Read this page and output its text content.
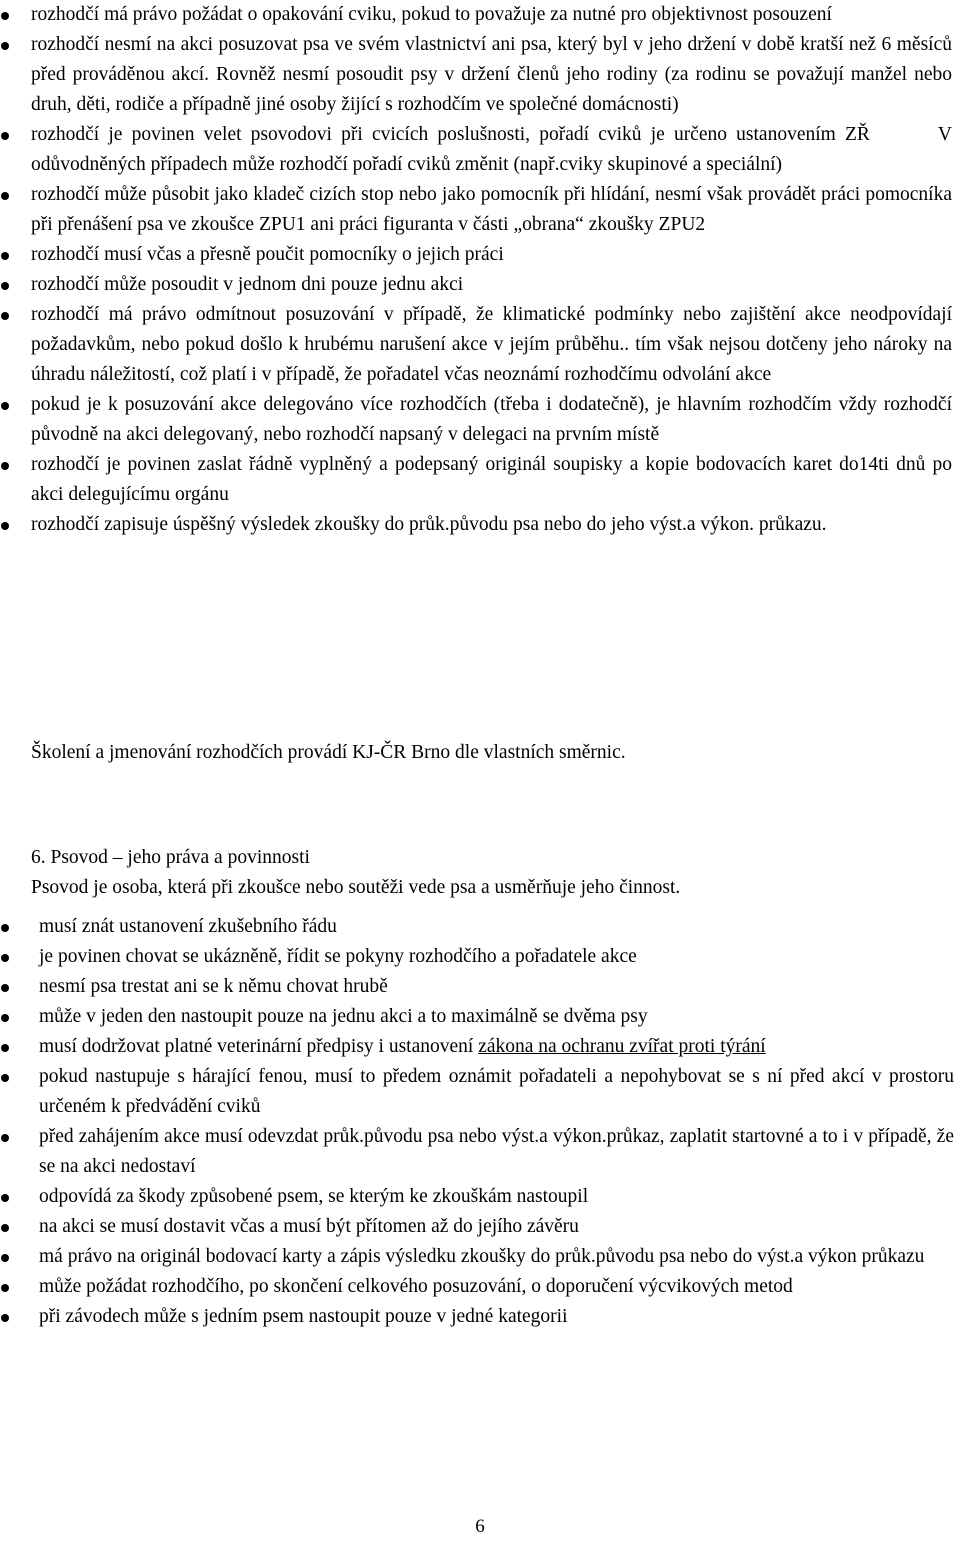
rozhodčí má právo požádat o opakování cviku, pokud to považuje za nutné pro objektivnost posouzení
rozhodčí nesmí na akci posuzovat psa ve svém vlastnictví ani psa, který byl v jeho držení v době kratší než 6 měsíců před prováděnou akcí. Rovněž nesmí posoudit psy v držení členů jeho rodiny (za rodinu se považují manžel nebo druh, děti, rodiče a případně jiné osoby žijící s rozhodčím ve společné domácnosti)
rozhodčí je povinen velet psovodovi při cvicích poslušnosti, pořadí cviků je určeno ustanovením ZŘ	V odůvodněných případech může rozhodčí pořadí cviků změnit (např.cviky skupinové a speciální)
rozhodčí může působit jako kladeč cizích stop nebo jako pomocník při hlídání, nesmí však provádět práci pomocníka při přenášení psa ve zkoušce ZPU1 ani práci figuranta v části „obrana“ zkoušky ZPU2
rozhodčí musí včas a přesně poučit pomocníky o jejich práci
rozhodčí může posoudit v jednom dni pouze jednu akci
rozhodčí má právo odmítnout posuzování v případě, že klimatické podmínky nebo zajištění akce neodpovídají požadavkům, nebo pokud došlo k hrubému narušení akce v jejím průběhu.. tím však nejsou dotčeny jeho nároky na úhradu náležitostí, což platí i v případě, že pořadatel včas neoznámí rozhodčímu odvolání akce
pokud je k posuzování akce delegováno více rozhodčích (třeba i dodatečně), je hlavním rozhodčím vždy rozhodčí původně na akci delegovaný, nebo rozhodčí napsaný v delegaci na prvním místě
rozhodčí je povinen zaslat řádně vyplněný a podepsaný originál soupisky a kopie bodovacích karet do14ti dnů po akci delegujícímu orgánu
rozhodčí zapisuje úspěšný výsledek zkoušky do průk.původu psa nebo do jeho výst.a výkon. průkazu.
Školení a jmenování rozhodčích provádí KJ-ČR Brno dle vlastních směrnic.

6. Psovod – jeho práva a povinnosti

Psovod je osoba, která při zkoušce nebo soutěži vede psa a usměrňuje jeho činnost.

musí znát ustanovení zkušebního řádu
je povinen chovat se ukázněně, řídit se pokyny rozhodčího a pořadatele akce
nesmí psa trestat ani se k němu chovat hrubě
může v jeden den nastoupit pouze na jednu akci a to maximálně se dvěma psy
musí dodržovat platné veterinární předpisy i ustanovení zákona na ochranu zvířat proti týrání
pokud nastupuje s hárající fenou, musí to předem oznámit pořadateli a nepohybovat se s ní před akcí v prostoru určeném k předvádění cviků
před zahájením akce musí odevzdat průk.původu psa nebo výst.a výkon.průkaz, zaplatit startovné a to i v případě, že se na akci nedostaví
odpovídá za škody způsobené psem, se kterým ke zkouškám nastoupil
na akci se musí dostavit včas a musí být přítomen až do jejího závěru
má právo na originál bodovací karty a zápis výsledku zkoušky do průk.původu psa nebo do výst.a výkon průkazu
může požádat rozhodčího, po skončení celkového posuzování, o doporučení výcvikových metod
při závodech může s jedním psem nastoupit pouze v jedné kategorii
6
